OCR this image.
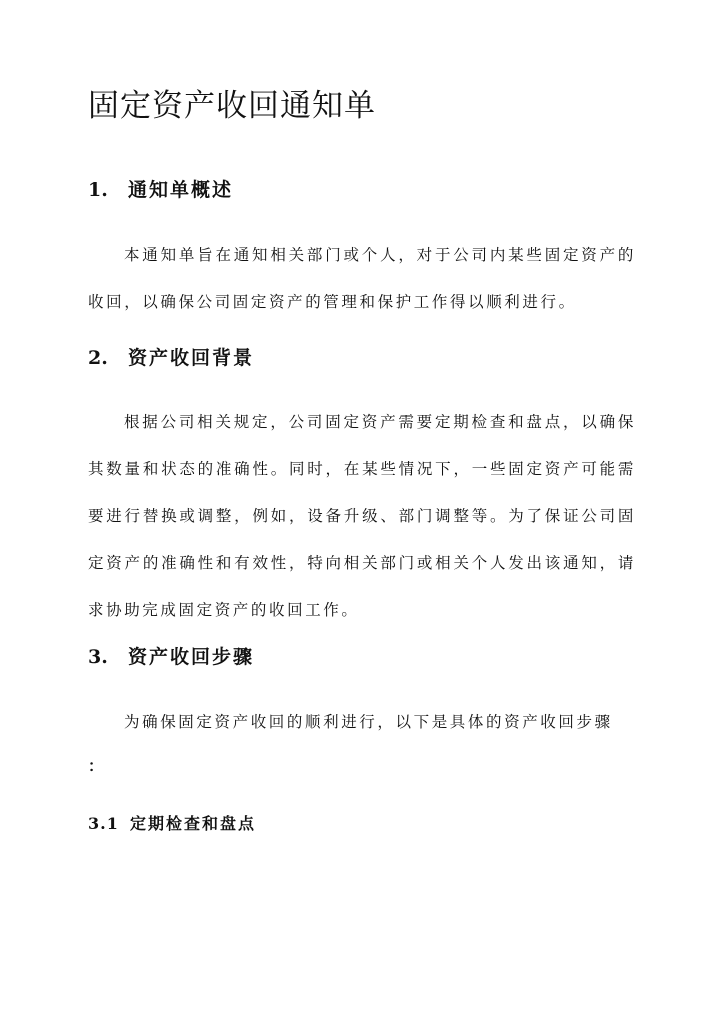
固定资产收回通知单
1. 通知单概述

本通知单旨在通知相关部门或个人，对于公司内某些固定资产的收回，以确保公司固定资产的管理和保护工作得以顺利进行。

2. 资产收回背景

根据公司相关规定，公司固定资产需要定期检查和盘点，以确保其数量和状态的准确性。同时，在某些情况下，一些固定资产可能需要进行替换或调整，例如，设备升级、部门调整等。为了保证公司固定资产的准确性和有效性，特向相关部门或相关个人发出该通知，请求协助完成固定资产的收回工作。

3. 资产收回步骤

为确保固定资产收回的顺利进行，以下是具体的资产收回步骤

：
3.1 定期检查和盘点
